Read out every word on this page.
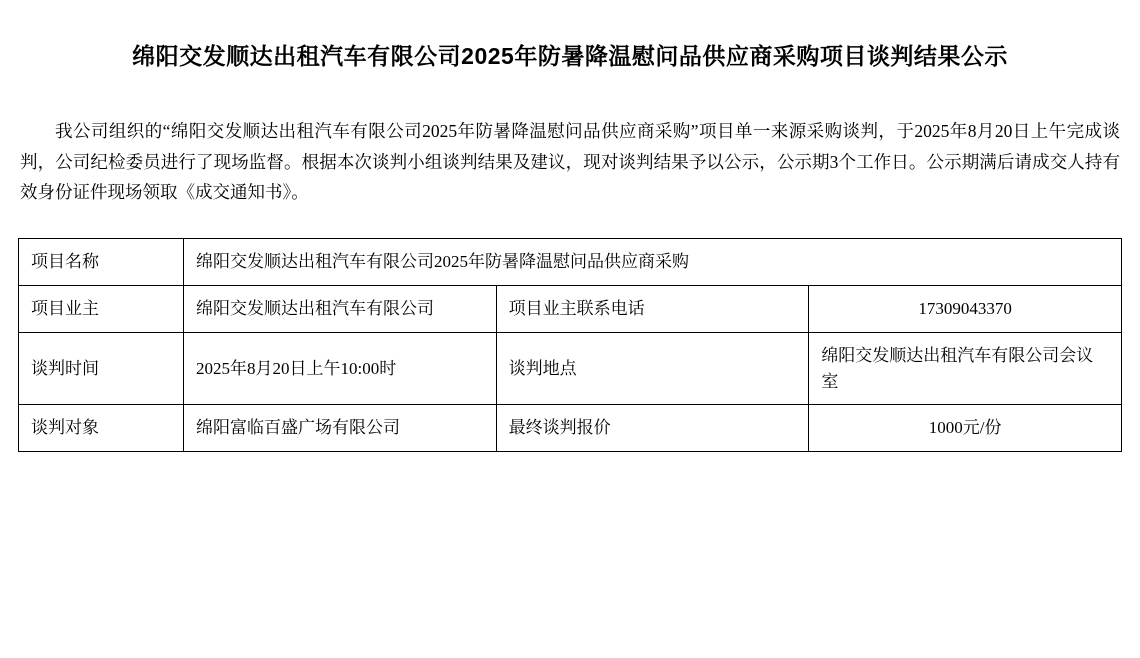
绵阳交发顺达出租汽车有限公司2025年防暑降温慰问品供应商采购项目谈判结果公示

我公司组织的“绵阳交发顺达出租汽车有限公司2025年防暑降温慰问品供应商采购”项目单一来源采购谈判，于2025年8月20日上午完成谈判，公司纪检委员进行了现场监督。根据本次谈判小组谈判结果及建议，现对谈判结果予以公示，公示期3个工作日。公示期满后请成交人持有效身份证件现场领取《成交通知书》。

项目名称	绵阳交发顺达出租汽车有限公司2025年防暑降温慰问品供应商采购		
项目业主	绵阳交发顺达出租汽车有限公司	项目业主联系电话	17309043370
谈判时间	2025年8月20日上午10:00时	谈判地点	绵阳交发顺达出租汽车有限公司会议室
谈判对象	绵阳富临百盛广场有限公司	最终谈判报价	1000元/份
